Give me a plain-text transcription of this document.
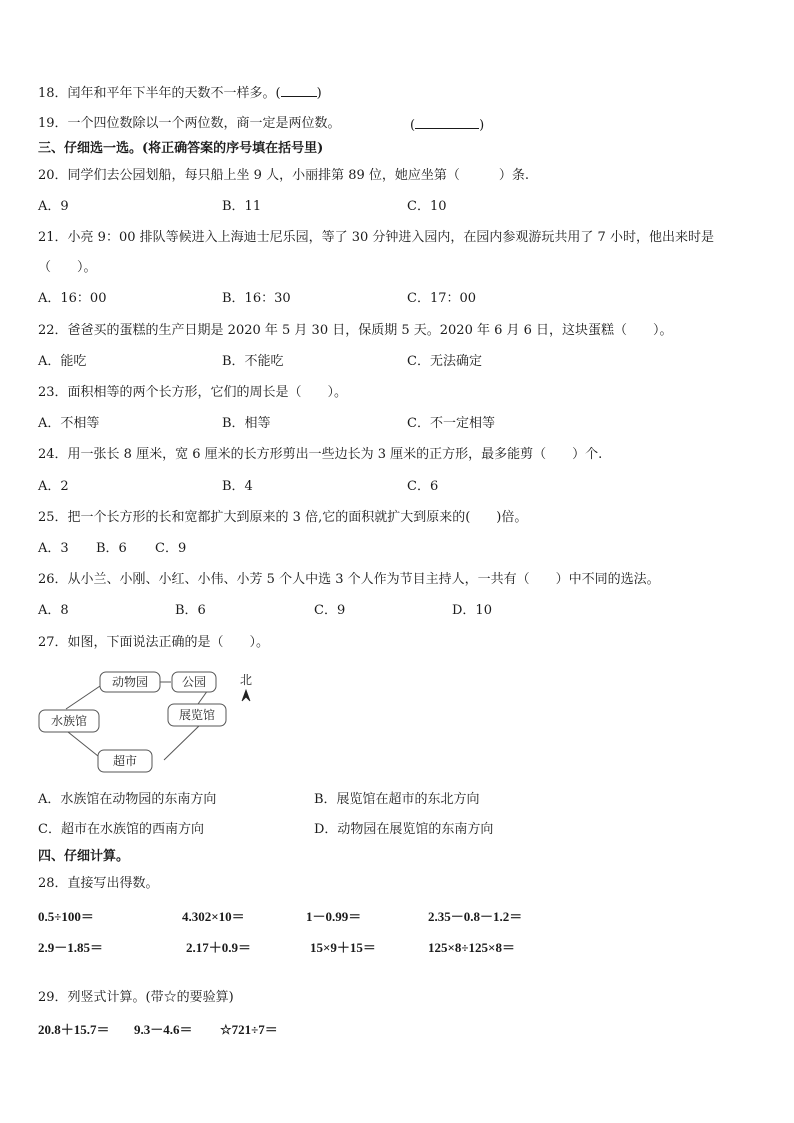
18．闰年和平年下半年的天数不一样多。(	)
19．一个四位数除以一个两位数，商一定是两位数。	(	)
三、仔细选一选。(将正确答案的序号填在括号里)
20．同学们去公园划船，每只船上坐 9 人，小丽排第 89 位，她应坐第（　　　）条.
A．9	B．11	C．10
21．小亮 9：00 排队等候进入上海迪士尼乐园，等了 30 分钟进入园内，在园内参观游玩共用了 7 小时，他出来时是
（　　）。
A．16：00	B．16：30	C．17：00
22．爸爸买的蛋糕的生产日期是 2020 年 5 月 30 日，保质期 5 天。2020 年 6 月 6 日，这块蛋糕（　　）。
A．能吃	B．不能吃	C．无法确定
23．面积相等的两个长方形，它们的周长是（　　）。
A．不相等	B．相等	C．不一定相等
24．用一张长 8 厘米，宽 6 厘米的长方形剪出一些边长为 3 厘米的正方形，最多能剪（　　）个.
A．2	B．4	C．6
25．把一个长方形的长和宽都扩大到原来的 3 倍,它的面积就扩大到原来的(　　)倍。
A．3 B．6 C．9
26．从小兰、小刚、小红、小伟、小芳 5 个人中选 3 个人作为节目主持人，一共有（　　）中不同的选法。
A．8	B．6	C．9	D．10
27．如图，下面说法正确的是（　　）。
动物园	公园
水族馆	展览馆
超市
北
A．水族馆在动物园的东南方向	B．展览馆在超市的东北方向
C．超市在水族馆的西南方向	D．动物园在展览馆的东南方向
四、仔细计算。
28．直接写出得数。
0.5÷100＝	4.302×10＝	1－0.99＝	2.35－0.8－1.2＝
2.9－1.85＝	2.17＋0.9＝	15×9＋15＝	125×8÷125×8＝
29．列竖式计算。(带☆的要验算)
20.8＋15.7＝ 9.3－4.6＝ ☆721÷7＝
